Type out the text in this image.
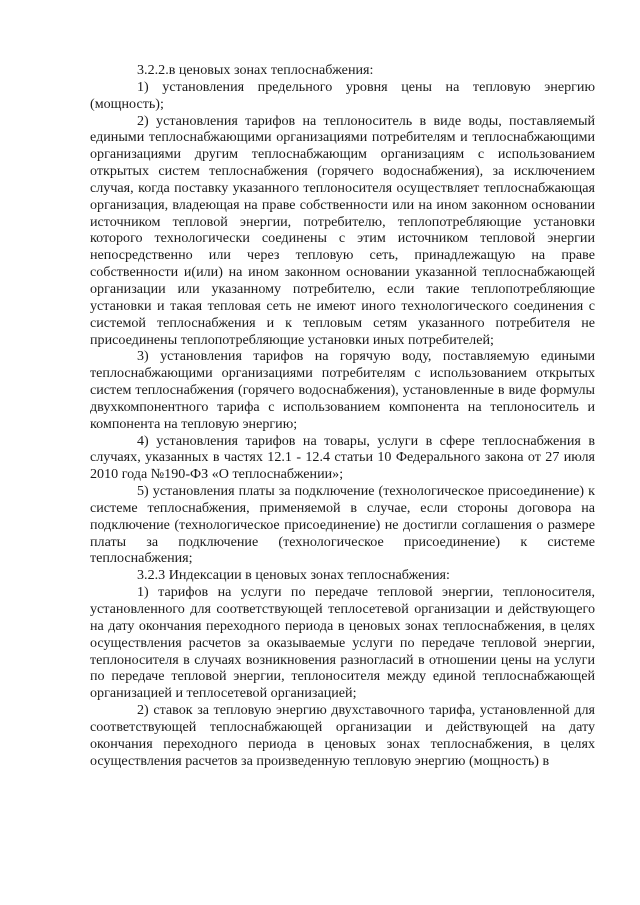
3.2.2.в ценовых зонах теплоснабжения:

1) установления предельного уровня цены на тепловую энергию (мощность);

2) установления тарифов на теплоноситель в виде воды, поставляемый едиными теплоснабжающими организациями потребителям и теплоснабжающими организациями другим теплоснабжающим организациям с использованием открытых систем теплоснабжения (горячего водоснабжения), за исключением случая, когда поставку указанного теплоносителя осуществляет теплоснабжающая организация, владеющая на праве собственности или на ином законном основании источником тепловой энергии, потребителю, теплопотребляющие установки которого технологически соединены с этим источником тепловой энергии непосредственно или через тепловую сеть, принадлежащую на праве собственности и(или) на ином законном основании указанной теплоснабжающей организации или указанному потребителю, если такие теплопотребляющие установки и такая тепловая сеть не имеют иного технологического соединения с системой теплоснабжения и к тепловым сетям указанного потребителя не присоединены теплопотребляющие установки иных потребителей;

3) установления тарифов на горячую воду, поставляемую едиными теплоснабжающими организациями потребителям с использованием открытых систем теплоснабжения (горячего водоснабжения), установленные в виде формулы двухкомпонентного тарифа с использованием компонента на теплоноситель и компонента на тепловую энергию;

4) установления тарифов на товары, услуги в сфере теплоснабжения в случаях, указанных в частях 12.1 - 12.4 статьи 10 Федерального закона от 27 июля 2010 года №190-ФЗ «О теплоснабжении»;

5) установления платы за подключение (технологическое присоединение) к системе теплоснабжения, применяемой в случае, если стороны договора на подключение (технологическое присоединение) не достигли соглашения о размере платы за подключение (технологическое присоединение) к системе теплоснабжения;

3.2.3 Индексации в ценовых зонах теплоснабжения:

1) тарифов на услуги по передаче тепловой энергии, теплоносителя, установленного для соответствующей теплосетевой организации и действующего на дату окончания переходного периода в ценовых зонах теплоснабжения, в целях осуществления расчетов за оказываемые услуги по передаче тепловой энергии, теплоносителя в случаях возникновения разногласий в отношении цены на услуги по передаче тепловой энергии, теплоносителя между единой теплоснабжающей организацией и теплосетевой организацией;

2) ставок за тепловую энергию двухставочного тарифа, установленной для соответствующей теплоснабжающей организации и действующей на дату окончания переходного периода в ценовых зонах теплоснабжения, в целях осуществления расчетов за произведенную тепловую энергию (мощность) в
